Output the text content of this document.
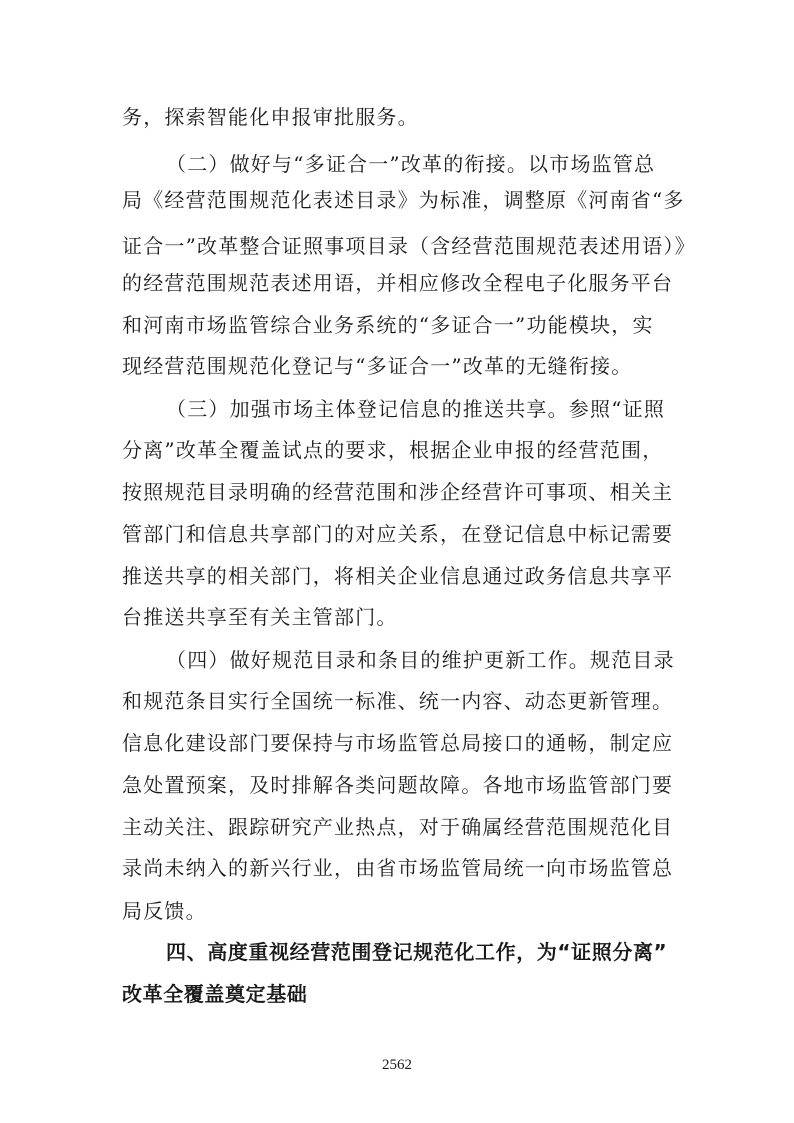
务，探索智能化申报审批服务。
（二）做好与“多证合一”改革的衔接。以市场监管总
局《经营范围规范化表述目录》为标准，调整原《河南省“多
证合一”改革整合证照事项目录（含经营范围规范表述用语）》
的经营范围规范表述用语，并相应修改全程电子化服务平台
和河南市场监管综合业务系统的“多证合一”功能模块，实
现经营范围规范化登记与“多证合一”改革的无缝衔接。
（三）加强市场主体登记信息的推送共享。参照“证照
分离”改革全覆盖试点的要求，根据企业申报的经营范围，
按照规范目录明确的经营范围和涉企经营许可事项、相关主
管部门和信息共享部门的对应关系，在登记信息中标记需要
推送共享的相关部门，将相关企业信息通过政务信息共享平
台推送共享至有关主管部门。
（四）做好规范目录和条目的维护更新工作。规范目录
和规范条目实行全国统一标准、统一内容、动态更新管理。
信息化建设部门要保持与市场监管总局接口的通畅，制定应
急处置预案，及时排解各类问题故障。各地市场监管部门要
主动关注、跟踪研究产业热点，对于确属经营范围规范化目
录尚未纳入的新兴行业，由省市场监管局统一向市场监管总
局反馈。
四、高度重视经营范围登记规范化工作，为“证照分离”
改革全覆盖奠定基础
2562
